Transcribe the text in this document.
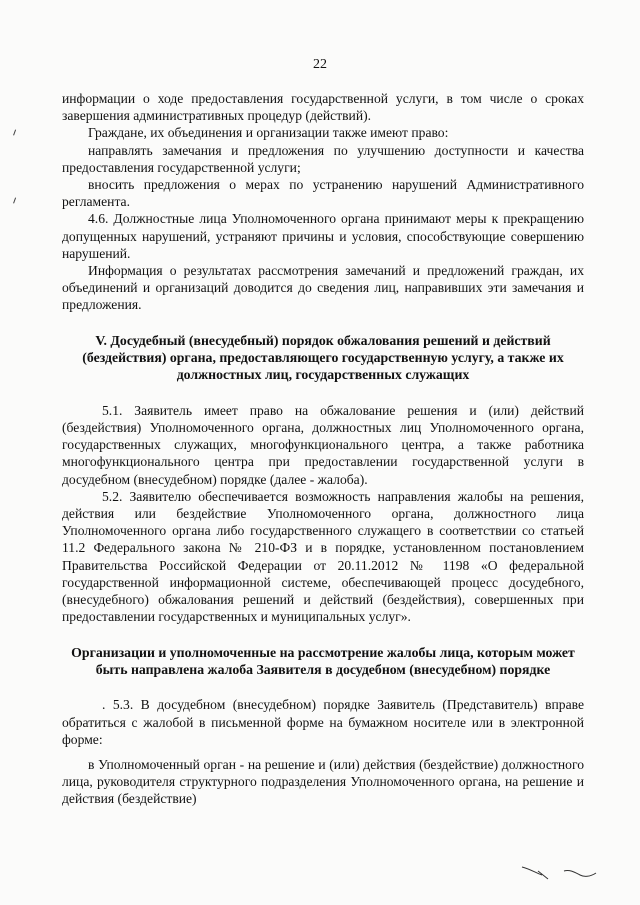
22

информации о ходе предоставления государственной услуги, в том числе о сроках завершения административных процедур (действий).

Граждане, их объединения и организации также имеют право:

направлять замечания и предложения по улучшению доступности и качества предоставления государственной услуги;

вносить предложения о мерах по устранению нарушений Административного регламента.

4.6. Должностные лица Уполномоченного органа принимают меры к прекращению допущенных нарушений, устраняют причины и условия, способствующие совершению нарушений.

Информация о результатах рассмотрения замечаний и предложений граждан, их объединений и организаций доводится до сведения лиц, направивших эти замечания и предложения.

V. Досудебный (внесудебный) порядок обжалования решений и действий (бездействия) органа, предоставляющего государственную услугу, а также их должностных лиц, государственных служащих

5.1. Заявитель имеет право на обжалование решения и (или) действий (бездействия) Уполномоченного органа, должностных лиц Уполномоченного органа, государственных служащих, многофункционального центра, а также работника многофункционального центра при предоставлении государственной услуги в досудебном (внесудебном) порядке (далее - жалоба).

5.2. Заявителю обеспечивается возможность направления жалобы на решения, действия или бездействие Уполномоченного органа, должностного лица Уполномоченного органа либо государственного служащего в соответствии со статьей 11.2 Федерального закона № 210-ФЗ и в порядке, установленном постановлением Правительства Российской Федерации от 20.11.2012 № 1198 «О федеральной государственной информационной системе, обеспечивающей процесс досудебного, (внесудебного) обжалования решений и действий (бездействия), совершенных при предоставлении государственных и муниципальных услуг».

Организации и уполномоченные на рассмотрение жалобы лица, которым может быть направлена жалоба Заявителя в досудебном (внесудебном) порядке

. 5.3. В досудебном (внесудебном) порядке Заявитель (Представитель) вправе обратиться с жалобой в письменной форме на бумажном носителе или в электронной форме:

в Уполномоченный орган - на решение и (или) действия (бездействие) должностного лица, руководителя структурного подразделения Уполномоченного органа, на решение и действия (бездействие)
